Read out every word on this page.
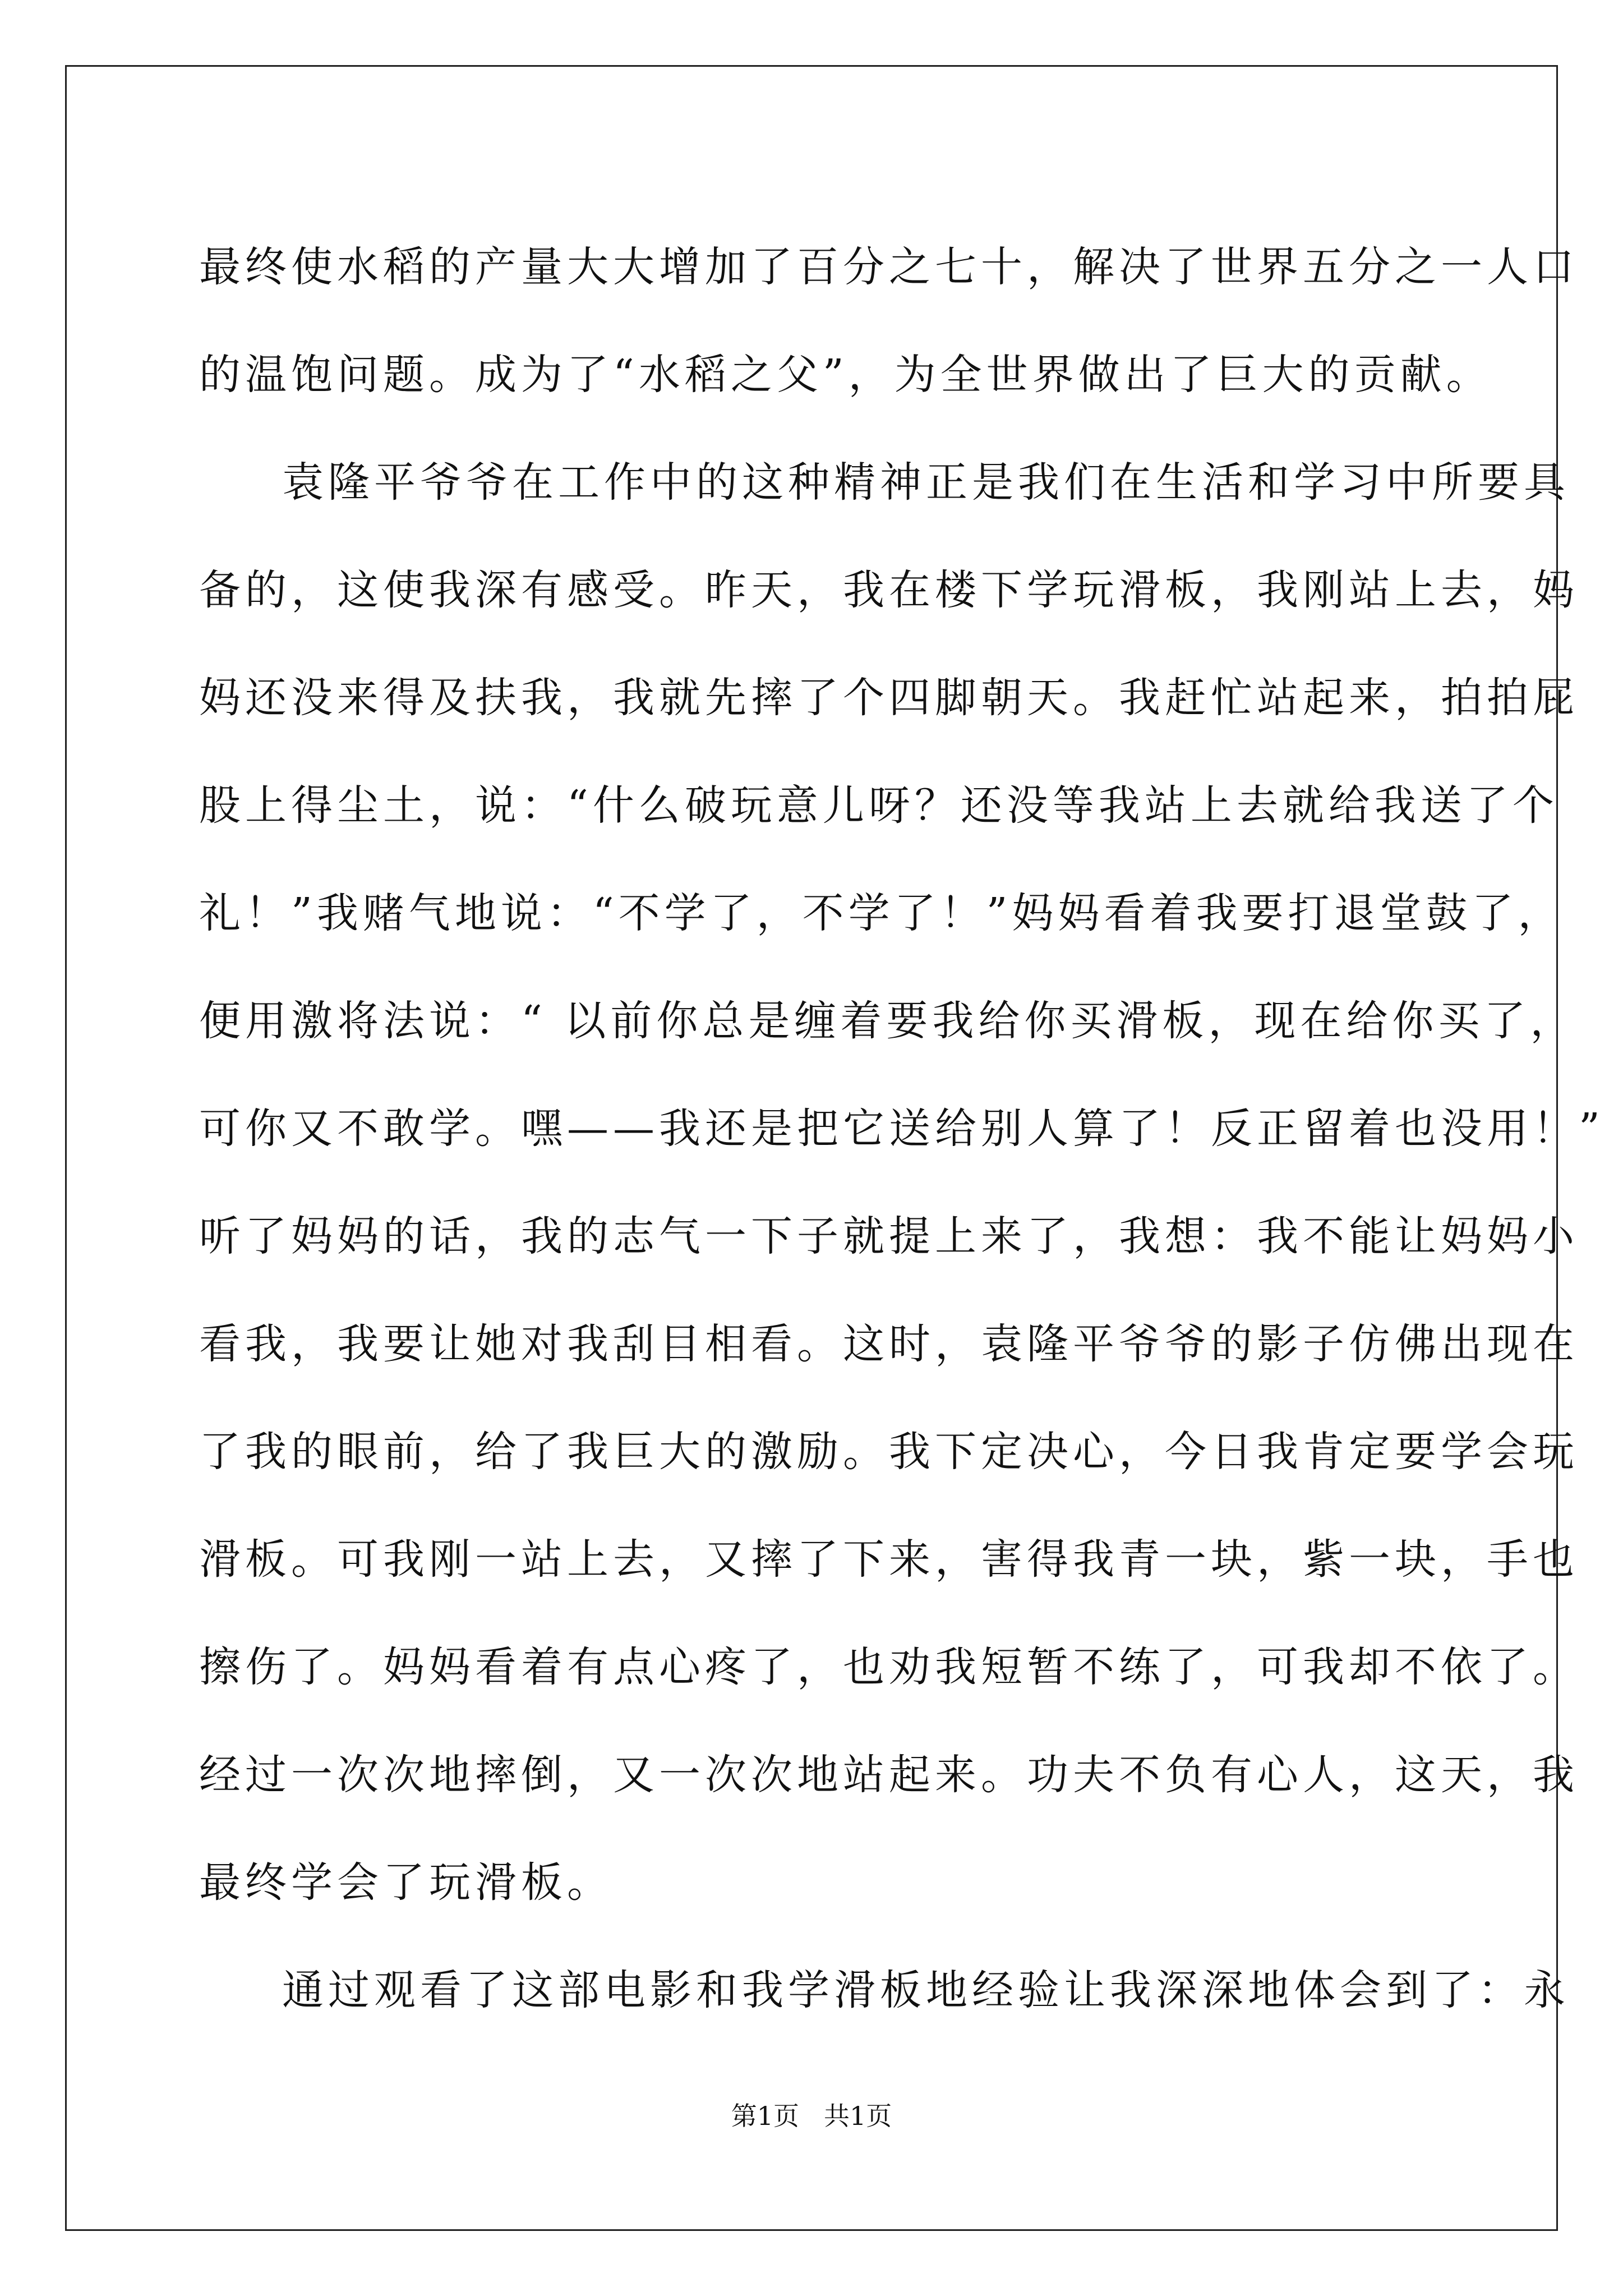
最终使水稻的产量大大增加了百分之七十，解决了世界五分之一人口
的温饱问题。成为了“水稻之父”，为全世界做出了巨大的贡献。
袁隆平爷爷在工作中的这种精神正是我们在生活和学习中所要具
备的，这使我深有感受。昨天，我在楼下学玩滑板，我刚站上去，妈
妈还没来得及扶我，我就先摔了个四脚朝天。我赶忙站起来，拍拍屁
股上得尘土，说：“什么破玩意儿呀？还没等我站上去就给我送了个
礼！”我赌气地说：“不学了，不学了！”妈妈看着我要打退堂鼓了，
便用激将法说：“ 以前你总是缠着要我给你买滑板，现在给你买了，
可你又不敢学。嘿——我还是把它送给别人算了！反正留着也没用！”
听了妈妈的话，我的志气一下子就提上来了，我想：我不能让妈妈小
看我，我要让她对我刮目相看。这时，袁隆平爷爷的影子仿佛出现在
了我的眼前，给了我巨大的激励。我下定决心，今日我肯定要学会玩
滑板。可我刚一站上去，又摔了下来，害得我青一块，紫一块，手也
擦伤了。妈妈看着有点心疼了，也劝我短暂不练了，可我却不依了。
经过一次次地摔倒，又一次次地站起来。功夫不负有心人，这天，我
最终学会了玩滑板。
通过观看了这部电影和我学滑板地经验让我深深地体会到了：永
第1页 共1页
